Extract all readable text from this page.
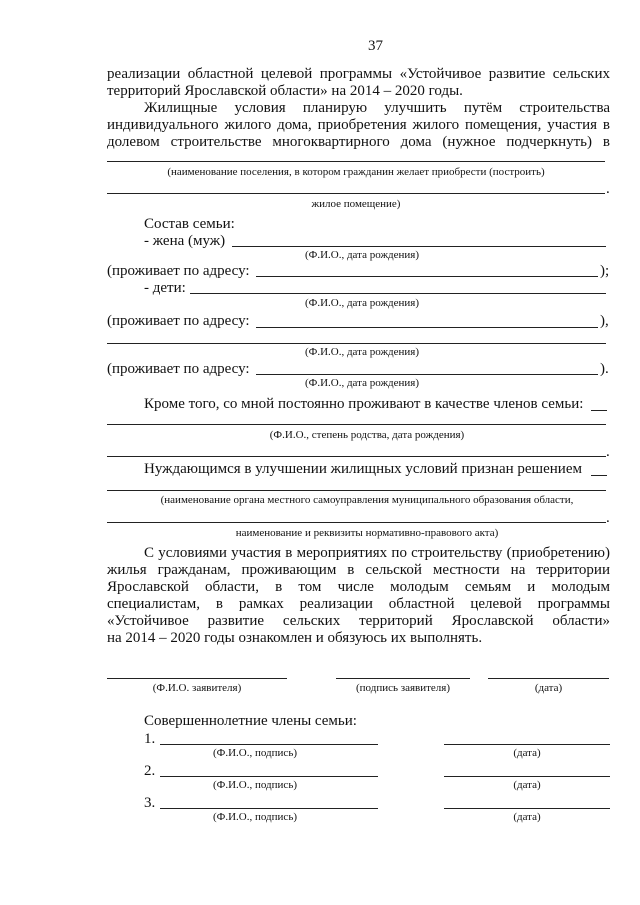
37
реализации областной целевой программы «Устойчивое развитие сельских
территорий Ярославской области» на 2014 – 2020 годы.
Жилищные условия планирую улучшить путём строительства
индивидуального жилого дома, приобретения жилого помещения, участия в
долевом строительстве многоквартирного дома (нужное подчеркнуть) в
(наименование поселения, в котором гражданин желает приобрести (построить)
.
жилое помещение)
Состав семьи:
- жена (муж)
(Ф.И.О., дата рождения)
(проживает по адресу:	);
- дети:
(Ф.И.О., дата рождения)
(проживает по адресу:	),
(Ф.И.О., дата рождения)
(проживает по адресу:	).
(Ф.И.О., дата рождения)
Кроме того, со мной постоянно проживают в качестве членов семьи:
(Ф.И.О., степень родства, дата рождения)
.
Нуждающимся в улучшении жилищных условий признан решением
(наименование органа местного самоуправления муниципального образования области,
.
наименование и реквизиты нормативно-правового акта)
С условиями участия в мероприятиях по строительству (приобретению)
жилья гражданам, проживающим в сельской местности на территории
Ярославской области, в том числе молодым семьям и молодым
специалистам, в рамках реализации областной целевой программы
«Устойчивое развитие сельских территорий Ярославской области»
на 2014 – 2020 годы ознакомлен и обязуюсь их выполнять.
(Ф.И.О. заявителя)	(подпись заявителя)	(дата)
Совершеннолетние члены семьи:
1.
(Ф.И.О., подпись)	(дата)
2.
(Ф.И.О., подпись)	(дата)
3.
(Ф.И.О., подпись)	(дата)
